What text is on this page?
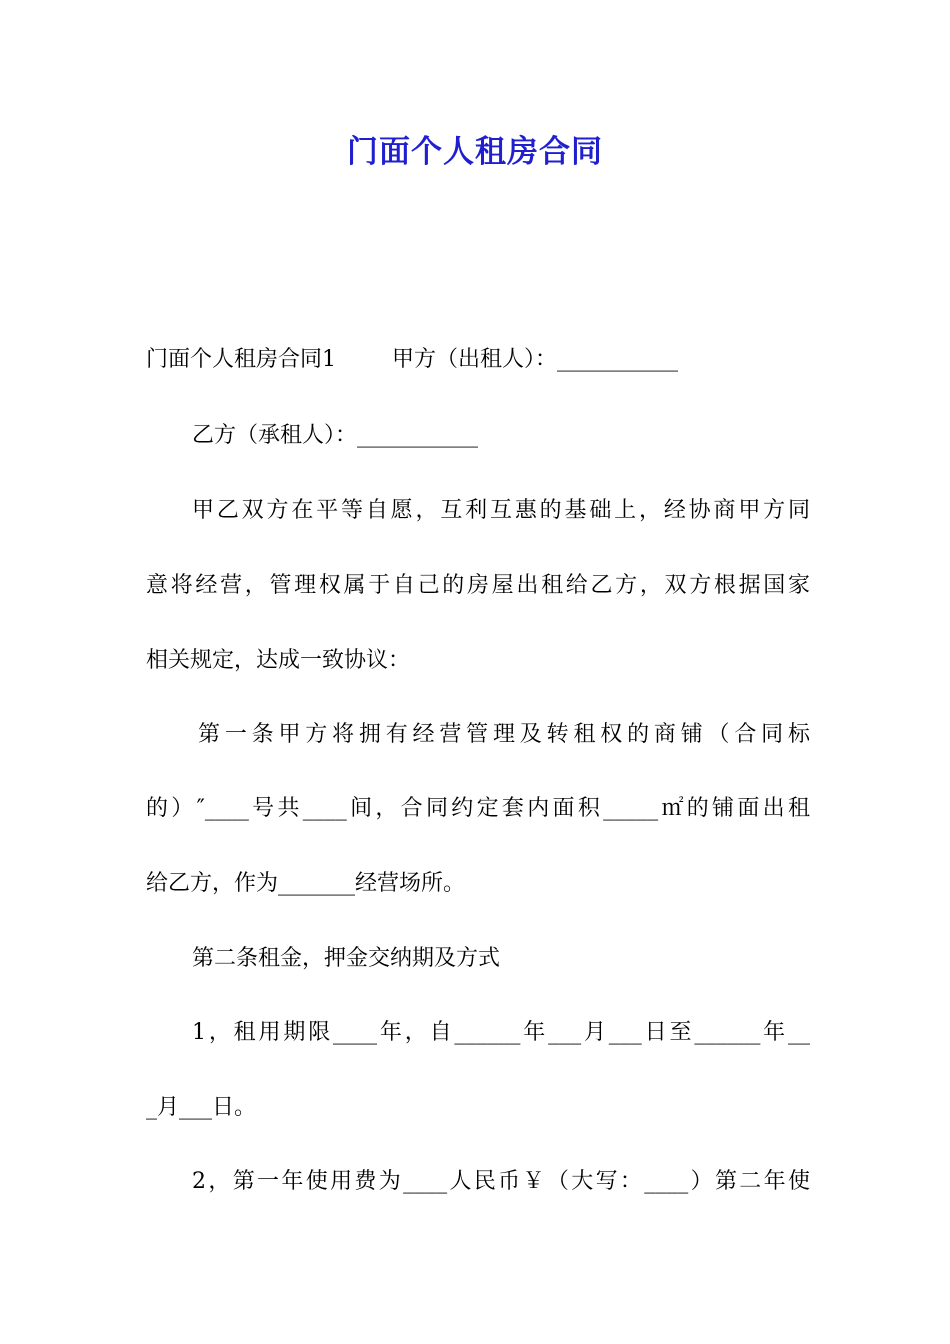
门面个人租房合同
门面个人租房合同1	甲方（出租人）：___________
乙方（承租人）：___________
甲乙双方在平等自愿，互利互惠的基础上，经协商甲方同
意将经营，管理权属于自己的房屋出租给乙方，双方根据国家
相关规定，达成一致协议：
第一条甲方将拥有经营管理及转租权的商铺（合同标
的）″____号共____间，合同约定套内面积_____㎡的铺面出租
给乙方，作为_______经营场所。
第二条租金，押金交纳期及方式
1，租用期限____年，自______年___月___日至______年__
_月___日。
2，第一年使用费为____人民币￥（大写：____）第二年使
